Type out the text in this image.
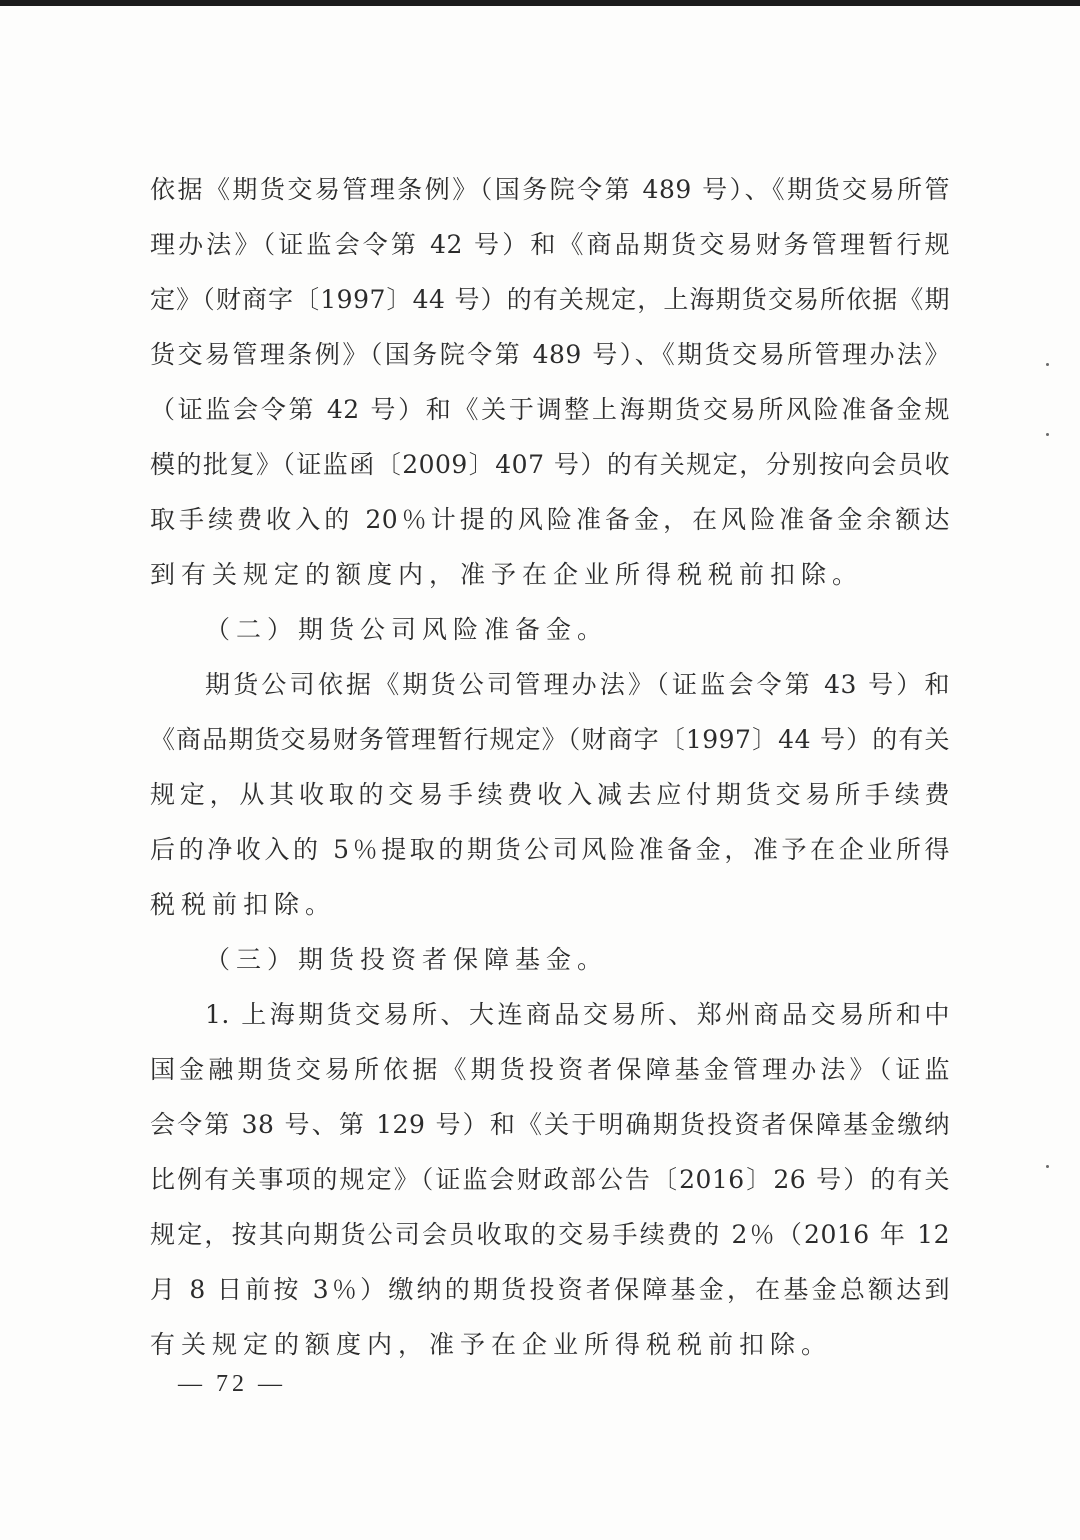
依据《期货交易管理条例》（国务院令第 489 号）、《期货交易所管
理办法》（证监会令第 42 号）和《商品期货交易财务管理暂行规
定》（财商字〔1997〕44 号）的有关规定，上海期货交易所依据《期
货交易管理条例》（国务院令第 489 号）、《期货交易所管理办法》
（证监会令第 42 号）和《关于调整上海期货交易所风险准备金规
模的批复》（证监函〔2009〕407 号）的有关规定，分别按向会员收
取手续费收入的 20％计提的风险准备金，在风险准备金余额达
到有关规定的额度内，准予在企业所得税税前扣除。
（二）期货公司风险准备金。
期货公司依据《期货公司管理办法》（证监会令第 43 号）和
《商品期货交易财务管理暂行规定》（财商字〔1997〕44 号）的有关
规定，从其收取的交易手续费收入减去应付期货交易所手续费
后的净收入的 5％提取的期货公司风险准备金，准予在企业所得
税税前扣除。
（三）期货投资者保障基金。
1. 上海期货交易所、大连商品交易所、郑州商品交易所和中
国金融期货交易所依据《期货投资者保障基金管理办法》（证监
会令第 38 号、第 129 号）和《关于明确期货投资者保障基金缴纳
比例有关事项的规定》（证监会财政部公告〔2016〕26 号）的有关
规定，按其向期货公司会员收取的交易手续费的 2％（2016 年 12
月 8 日前按 3％）缴纳的期货投资者保障基金，在基金总额达到
有关规定的额度内，准予在企业所得税税前扣除。
— 72 —
